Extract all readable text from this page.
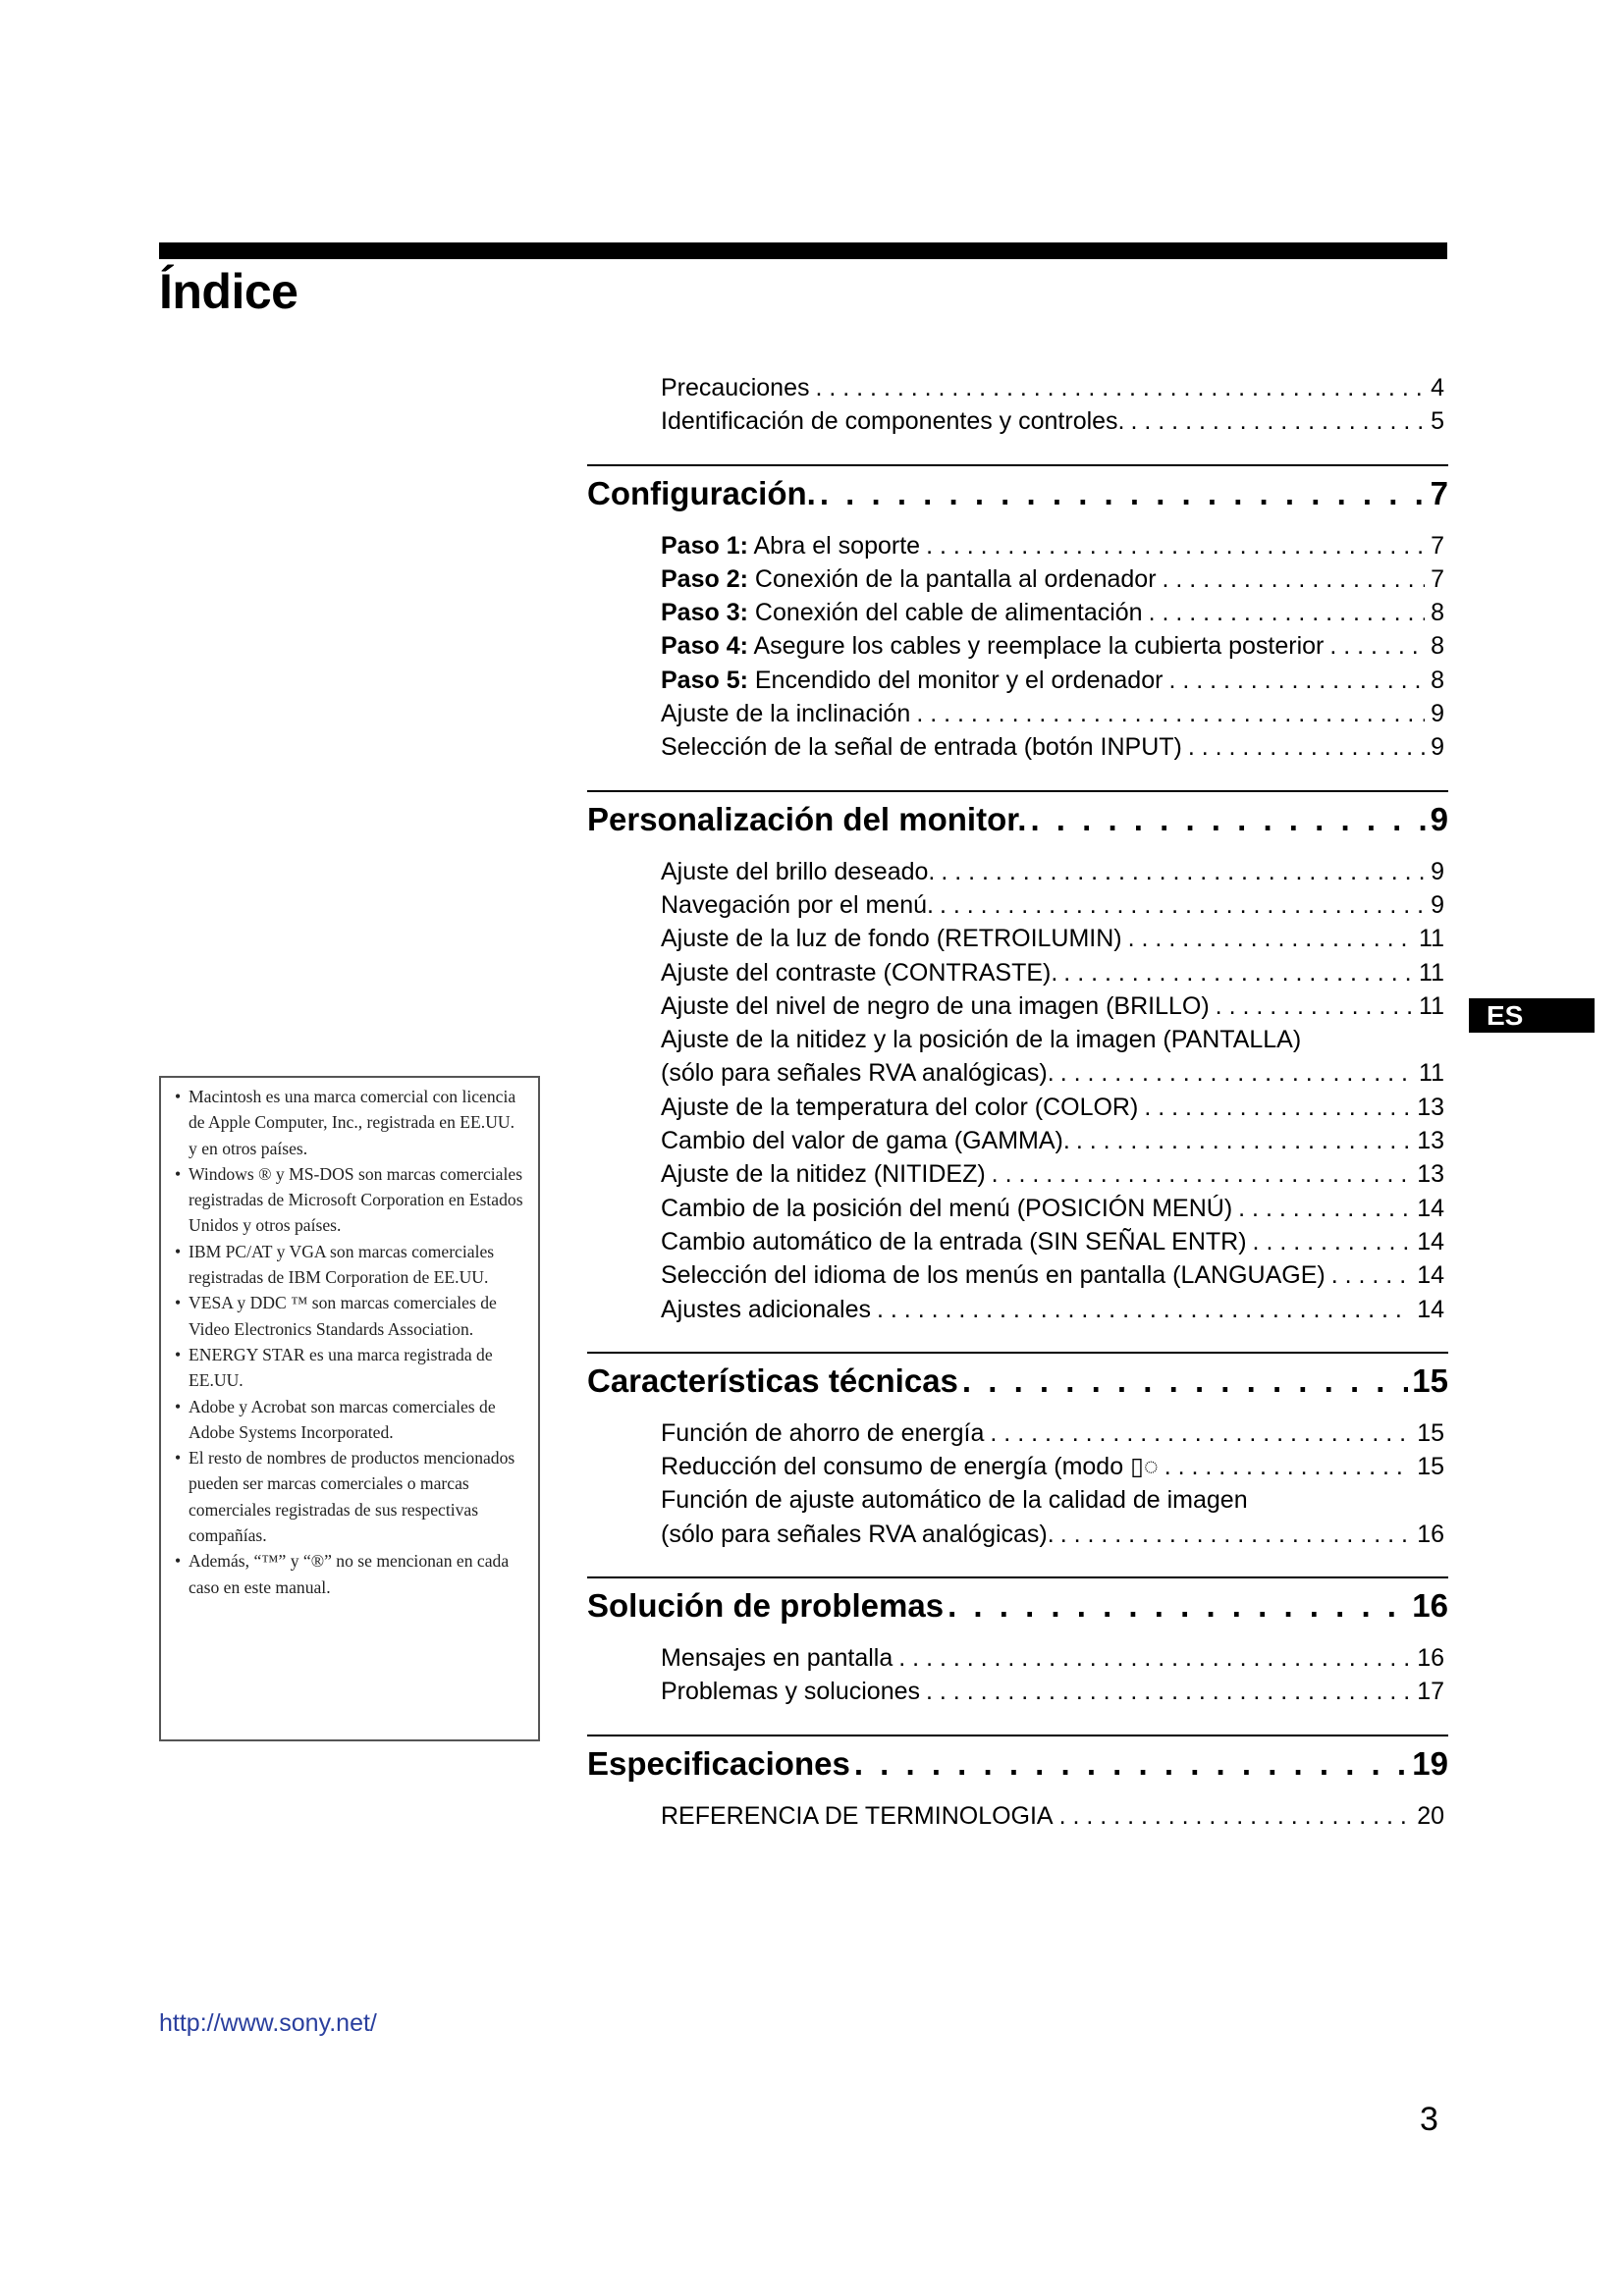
Índice
Precauciones . . .	4
Identificación de componentes y controles. . . .	5
Configuración. . . .	7
Paso 1: Abra el soporte . . .	7
Paso 2: Conexión de la pantalla al ordenador . . .	7
Paso 3: Conexión del cable de alimentación . . .	8
Paso 4: Asegure los cables y reemplace la cubierta posterior . . .	8
Paso 5: Encendido del monitor y el ordenador . . .	8
Ajuste de la inclinación . . .	9
Selección de la señal de entrada (botón INPUT) . . .	9
Personalización del monitor. . . .	9
Ajuste del brillo deseado. . . .	9
Navegación por el menú. . . .	9
Ajuste de la luz de fondo (RETROILUMIN) . . .	11
Ajuste del contraste (CONTRASTE). . . .	11
Ajuste del nivel de negro de una imagen (BRILLO) . . .	11
Ajuste de la nitidez y la posición de la imagen (PANTALLA)
(sólo para señales RVA analógicas). . . .	11
Ajuste de la temperatura del color (COLOR) . . .	13
Cambio del valor de gama (GAMMA). . . .	13
Ajuste de la nitidez (NITIDEZ) . . .	13
Cambio de la posición del menú (POSICIÓN MENÚ) . . .	14
Cambio automático de la entrada (SIN SEÑAL ENTR) . . .	14
Selección del idioma de los menús en pantalla (LANGUAGE) . . .	14
Ajustes adicionales . . .	14
Características técnicas . . .	15
Función de ahorro de energía . . .	15
Reducción del consumo de energía (modo ▯◌ . . .	15
Función de ajuste automático de la calidad de imagen
(sólo para señales RVA analógicas). . . .	16
Solución de problemas . . .	16
Mensajes en pantalla . . .	16
Problemas y soluciones . . .	17
Especificaciones . . .	19
REFERENCIA DE TERMINOLOGIA . . .	20
• Macintosh es una marca comercial con licencia de Apple Computer, Inc., registrada en EE.UU. y en otros países.
• Windows ® y MS-DOS son marcas comerciales registradas de Microsoft Corporation en Estados Unidos y otros países.
• IBM PC/AT y VGA son marcas comerciales registradas de IBM Corporation de EE.UU.
• VESA y DDC ™ son marcas comerciales de Video Electronics Standards Association.
• ENERGY STAR es una marca registrada de EE.UU.
• Adobe y Acrobat son marcas comerciales de Adobe Systems Incorporated.
• El resto de nombres de productos mencionados pueden ser marcas comerciales o marcas comerciales registradas de sus respectivas compañías.
• Además, “™” y “®” no se mencionan en cada caso en este manual.
ES
http://www.sony.net/
3
